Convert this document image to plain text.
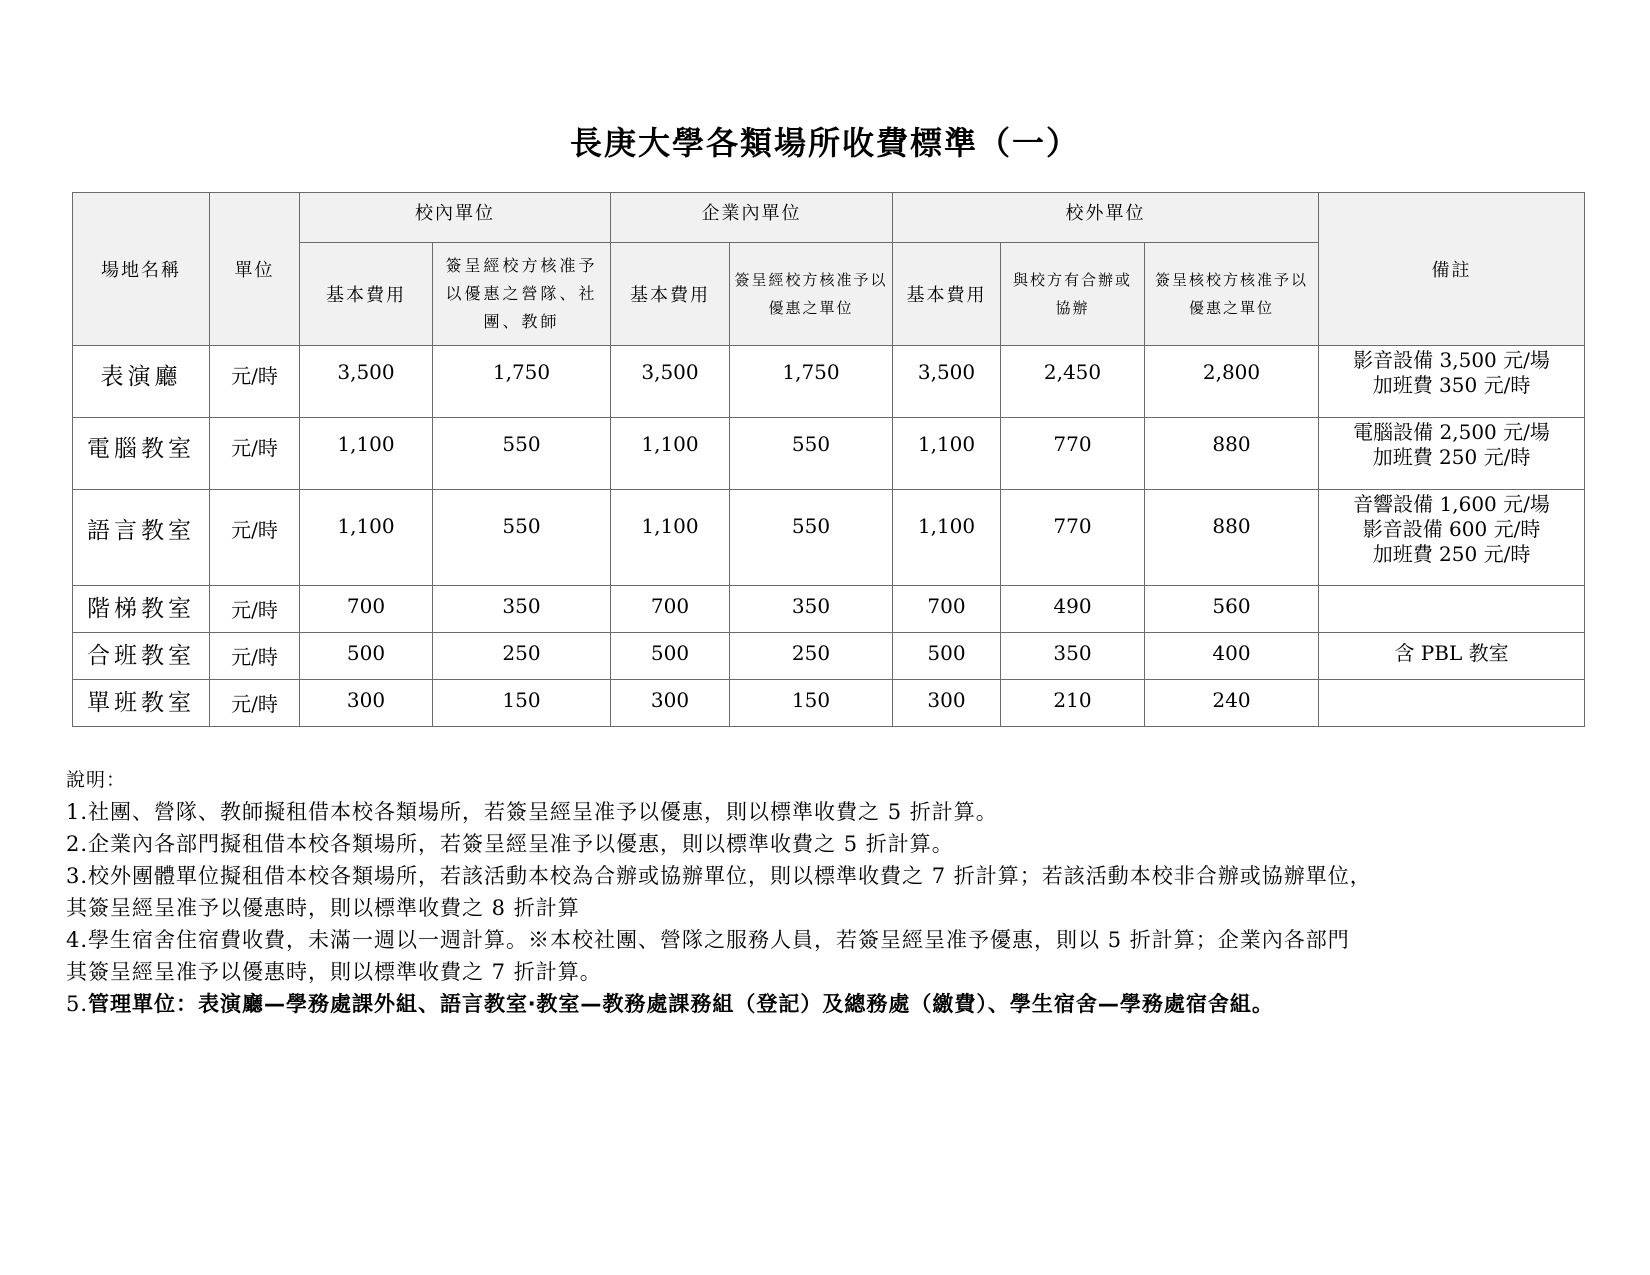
長庚大學各類場所收費標準（一）
場地名稱	單位	校內單位		企業內單位		校外單位			備註
		基本費用	簽呈經校方核准予以優惠之營隊、社團、教師	基本費用	簽呈經校方核准予以優惠之單位	基本費用	與校方有合辦或協辦	簽呈核校方核准予以優惠之單位	
表演廳	元/時	3,500	1,750	3,500	1,750	3,500	2,450	2,800	影音設備 3,500 元/場
加班費 350 元/時

電腦教室	元/時	1,100	550	1,100	550	1,100	770	880	電腦設備 2,500 元/場
加班費 250 元/時

語言教室	元/時	1,100	550	1,100	550	1,100	770	880	音響設備 1,600 元/場
影音設備 600 元/時
加班費 250 元/時

階梯教室	元/時	700	350	700	350	700	490	560	
合班教室	元/時	500	250	500	250	500	350	400	含 PBL 教室

單班教室	元/時	300	150	300	150	300	210	240	
說明：
1.社團、營隊、教師擬租借本校各類場所，若簽呈經呈准予以優惠，則以標準收費之 5 折計算。
2.企業內各部門擬租借本校各類場所，若簽呈經呈准予以優惠，則以標準收費之 5 折計算。
3.校外團體單位擬租借本校各類場所，若該活動本校為合辦或協辦單位，則以標準收費之 7 折計算；若該活動本校非合辦或協辦單位，
其簽呈經呈准予以優惠時，則以標準收費之 8 折計算
4.學生宿舍住宿費收費，未滿一週以一週計算。※本校社團、營隊之服務人員，若簽呈經呈准予優惠，則以 5 折計算；企業內各部門
其簽呈經呈准予以優惠時，則以標準收費之 7 折計算。
5.管理單位：表演廳—學務處課外組、語言教室‧教室—教務處課務組（登記）及總務處（繳費）、學生宿舍—學務處宿舍組。
